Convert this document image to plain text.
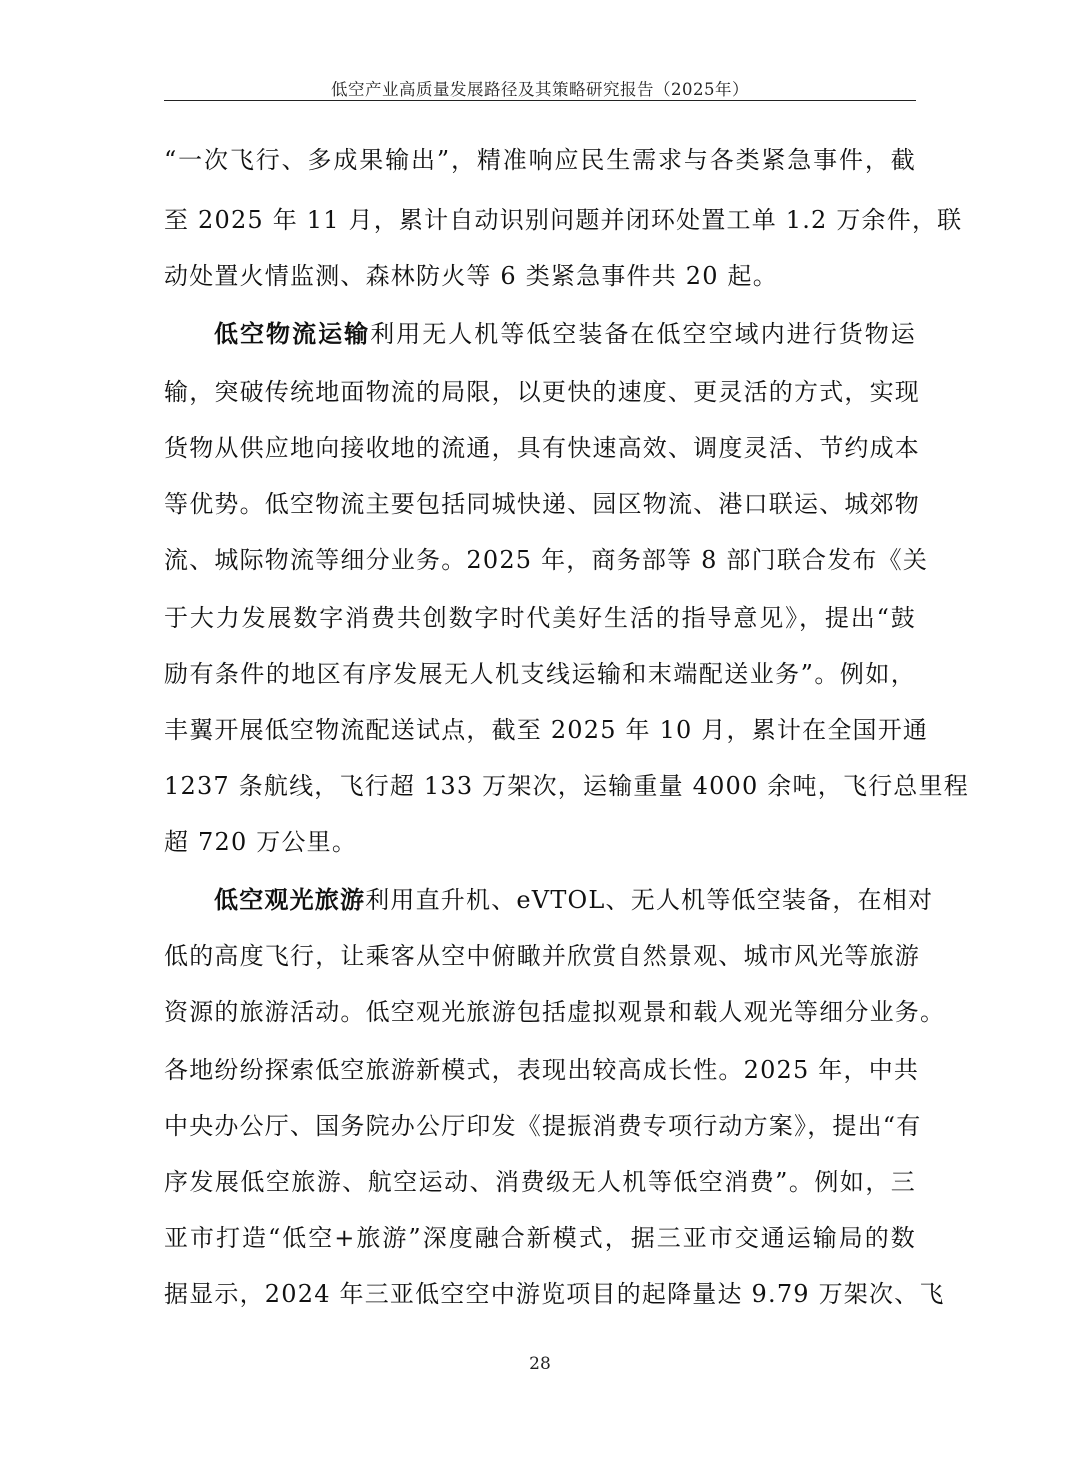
低空产业高质量发展路径及其策略研究报告（2025年）
“一次飞行、多成果输出”，精准响应民生需求与各类紧急事件，截
至 2025 年 11 月，累计自动识别问题并闭环处置工单 1.2 万余件，联
动处置火情监测、森林防火等 6 类紧急事件共 20 起。
低空物流运输利用无人机等低空装备在低空空域内进行货物运
输，突破传统地面物流的局限，以更快的速度、更灵活的方式，实现
货物从供应地向接收地的流通，具有快速高效、调度灵活、节约成本
等优势。低空物流主要包括同城快递、园区物流、港口联运、城郊物
流、城际物流等细分业务。2025 年，商务部等 8 部门联合发布《关
于大力发展数字消费共创数字时代美好生活的指导意见》，提出“鼓
励有条件的地区有序发展无人机支线运输和末端配送业务”。例如，
丰翼开展低空物流配送试点，截至 2025 年 10 月，累计在全国开通
1237 条航线，飞行超 133 万架次，运输重量 4000 余吨，飞行总里程
超 720 万公里。
低空观光旅游利用直升机、eVTOL、无人机等低空装备，在相对
低的高度飞行，让乘客从空中俯瞰并欣赏自然景观、城市风光等旅游
资源的旅游活动。低空观光旅游包括虚拟观景和载人观光等细分业务。
各地纷纷探索低空旅游新模式，表现出较高成长性。2025 年，中共
中央办公厅、国务院办公厅印发《提振消费专项行动方案》，提出“有
序发展低空旅游、航空运动、消费级无人机等低空消费”。例如，三
亚市打造“低空+旅游”深度融合新模式，据三亚市交通运输局的数
据显示，2024 年三亚低空空中游览项目的起降量达 9.79 万架次、飞
28
